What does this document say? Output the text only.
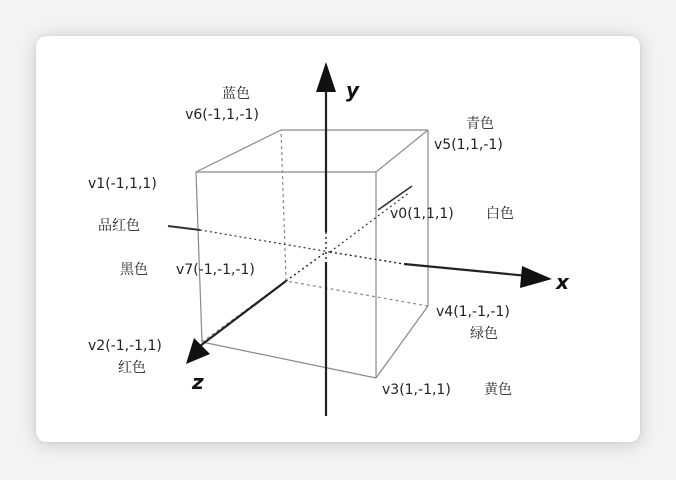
y
x
z
蓝色
v6(-1,1,-1)
青色
v5(1,1,-1)
v1(-1,1,1)
品红色
v0(1,1,1) 白色
黑色 v7(-1,-1,-1)
v4(1,-1,-1)
绿色
v2(-1,-1,1)
红色
v3(1,-1,1) 黄色
